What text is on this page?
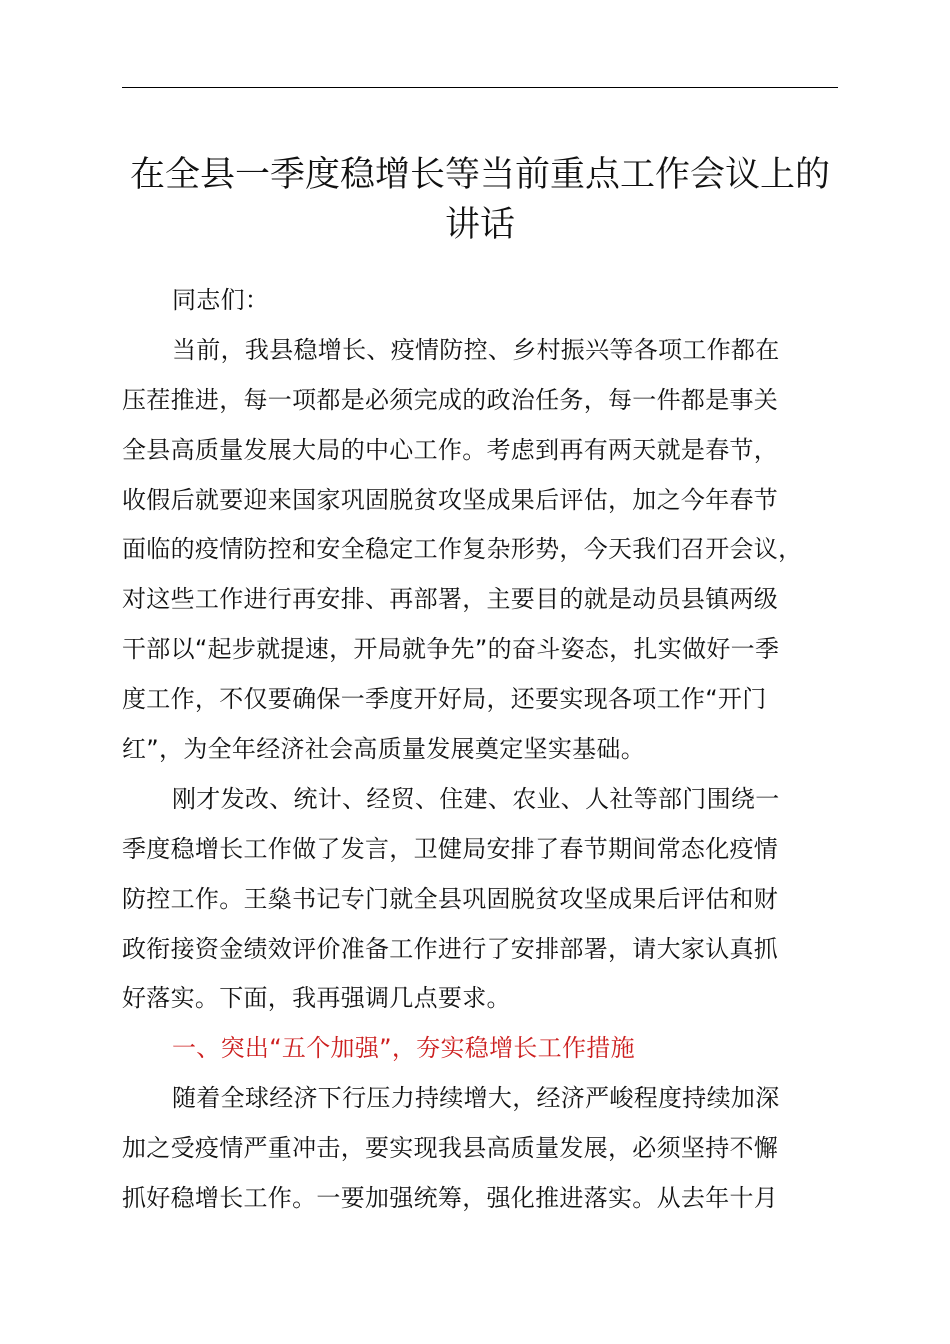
在全县一季度稳增长等当前重点工作会议上的
讲话
同志们：
当前，我县稳增长、疫情防控、乡村振兴等各项工作都在
压茬推进，每一项都是必须完成的政治任务，每一件都是事关
全县高质量发展大局的中心工作。考虑到再有两天就是春节，
收假后就要迎来国家巩固脱贫攻坚成果后评估，加之今年春节
面临的疫情防控和安全稳定工作复杂形势，今天我们召开会议，
对这些工作进行再安排、再部署，主要目的就是动员县镇两级
干部以“起步就提速，开局就争先”的奋斗姿态，扎实做好一季
度工作，不仅要确保一季度开好局，还要实现各项工作“开门
红”，为全年经济社会高质量发展奠定坚实基础。
刚才发改、统计、经贸、住建、农业、人社等部门围绕一
季度稳增长工作做了发言，卫健局安排了春节期间常态化疫情
防控工作。王燊书记专门就全县巩固脱贫攻坚成果后评估和财
政衔接资金绩效评价准备工作进行了安排部署，请大家认真抓
好落实。下面，我再强调几点要求。
一、突出“五个加强”，夯实稳增长工作措施
随着全球经济下行压力持续增大，经济严峻程度持续加深
加之受疫情严重冲击，要实现我县高质量发展，必须坚持不懈
抓好稳增长工作。一要加强统筹，强化推进落实。从去年十月
